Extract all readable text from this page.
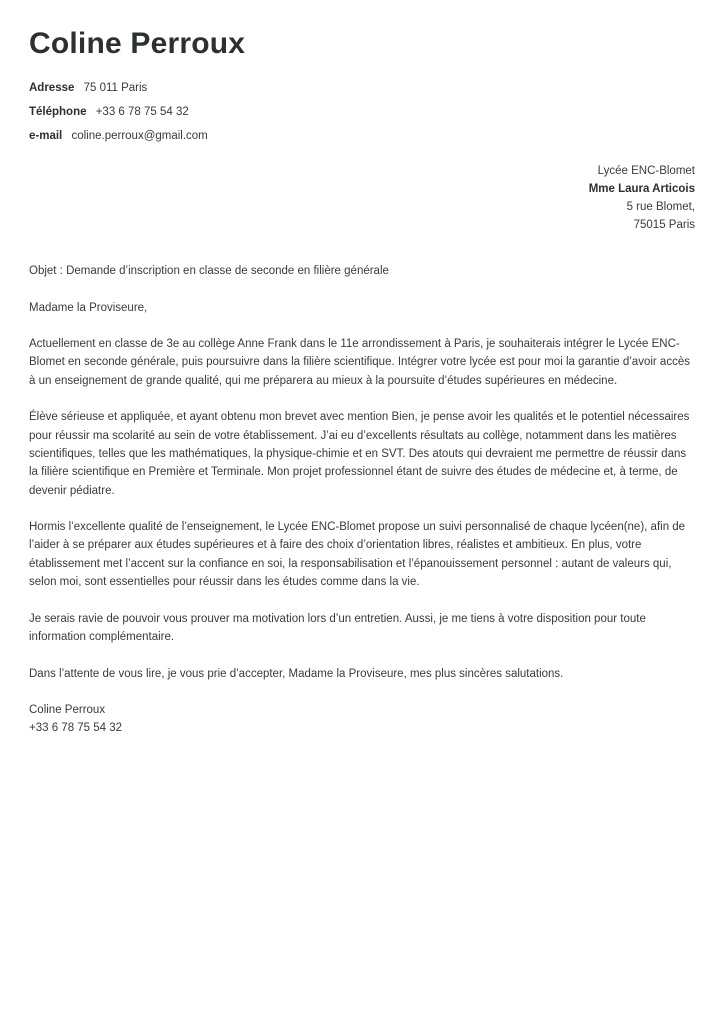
Coline Perroux
Adresse 75 011 Paris
Téléphone +33 6 78 75 54 32
e-mail coline.perroux@gmail.com
Lycée ENC-Blomet
Mme Laura Articois
5 rue Blomet,
75015 Paris

Objet : Demande d’inscription en classe de seconde en filière générale

Madame la Proviseure,

Actuellement en classe de 3e au collège Anne Frank dans le 11e arrondissement à Paris, je souhaiterais intégrer le Lycée ENC-Blomet en seconde générale, puis poursuivre dans la filière scientifique. Intégrer votre lycée est pour moi la garantie d’avoir accès à un enseignement de grande qualité, qui me préparera au mieux à la poursuite d’études supérieures en médecine.

Élève sérieuse et appliquée, et ayant obtenu mon brevet avec mention Bien, je pense avoir les qualités et le potentiel nécessaires pour réussir ma scolarité au sein de votre établissement. J’ai eu d’excellents résultats au collège, notamment dans les matières scientifiques, telles que les mathématiques, la physique-chimie et en SVT. Des atouts qui devraient me permettre de réussir dans la filière scientifique en Première et Terminale. Mon projet professionnel étant de suivre des études de médecine et, à terme, de devenir pédiatre.

Hormis l’excellente qualité de l’enseignement, le Lycée ENC-Blomet propose un suivi personnalisé de chaque lycéen(ne), afin de l’aider à se préparer aux études supérieures et à faire des choix d’orientation libres, réalistes et ambitieux. En plus, votre établissement met l’accent sur la confiance en soi, la responsabilisation et l’épanouissement personnel : autant de valeurs qui, selon moi, sont essentielles pour réussir dans les études comme dans la vie.

Je serais ravie de pouvoir vous prouver ma motivation lors d’un entretien. Aussi, je me tiens à votre disposition pour toute information complémentaire.

Dans l’attente de vous lire, je vous prie d’accepter, Madame la Proviseure, mes plus sincères salutations.

Coline Perroux
+33 6 78 75 54 32
